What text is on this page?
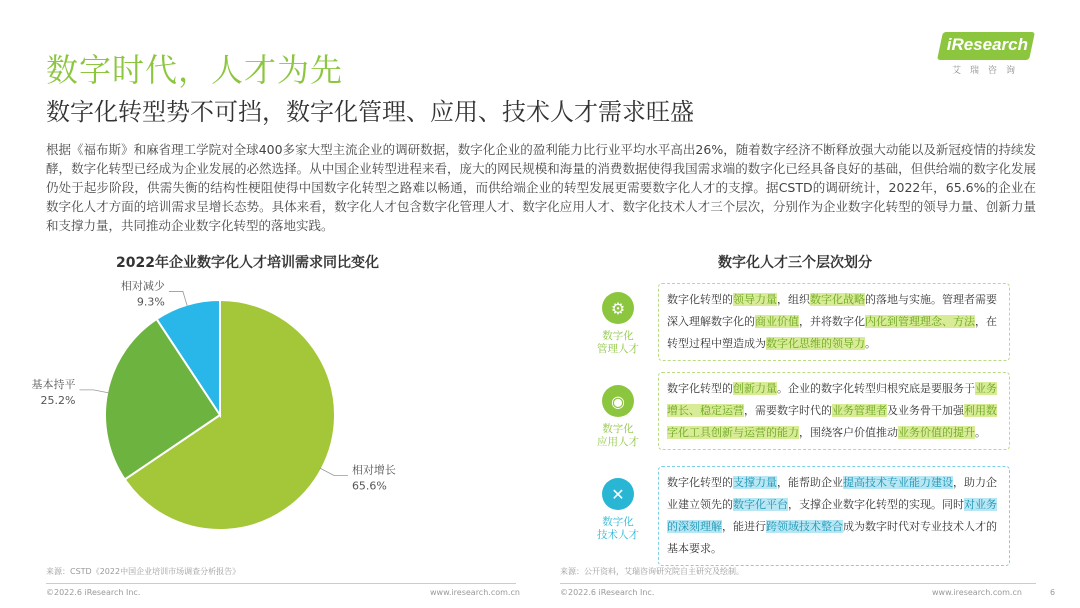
数字时代，人才为先
数字化转型势不可挡，数字化管理、应用、技术人才需求旺盛
iResearch
艾瑞咨询
根据《福布斯》和麻省理工学院对全球400多家大型主流企业的调研数据，数字化企业的盈利能力比行业平均水平高出26%，随着数字经济不断释放强大动能以及新冠疫情的持续发酵，数字化转型已经成为企业发展的必然选择。从中国企业转型进程来看，庞大的网民规模和海量的消费数据使得我国需求端的数字化已经具备良好的基础，但供给端的数字化发展仍处于起步阶段，供需失衡的结构性梗阻使得中国数字化转型之路难以畅通，而供给端企业的转型发展更需要数字化人才的支撑。据CSTD的调研统计，2022年，65.6%的企业在数字化人才方面的培训需求呈增长态势。具体来看，数字化人才包含数字化管理人才、数字化应用人才、数字化技术人才三个层次，分别作为企业数字化转型的领导力量、创新力量和支撑力量，共同推动企业数字化转型的落地实践。
2022年企业数字化人才培训需求同比变化
相对增长
65.6%
基本持平
25.2%
相对减少
9.3%
来源：CSTD《2022中国企业培训市场调查分析报告》
©2022.6 iResearch Inc.	www.iresearch.com.cn
数字化人才三个层次划分
⚙
数字化
管理人才
◉
数字化
应用人才
✕
数字化
技术人才
数字化转型的领导力量，组织数字化战略的落地与实施。管理者需要深入理解数字化的商业价值，并将数字化内化到管理理念、方法，在转型过程中塑造成为数字化思维的领导力。
数字化转型的创新力量。企业的数字化转型归根究底是要服务于业务增长、稳定运营，需要数字时代的业务管理者及业务骨干加强利用数字化工具创新与运营的能力，围绕客户价值推动业务价值的提升。
数字化转型的支撑力量，能帮助企业提高技术专业能力建设，助力企业建立领先的数字化平台，支撑企业数字化转型的实现。同时对业务的深刻理解，能进行跨领域技术整合成为数字时代对专业技术人才的基本要求。
来源：公开资料，艾瑞咨询研究院自主研究及绘制。
©2022.6 iResearch Inc.	www.iresearch.com.cn	6
